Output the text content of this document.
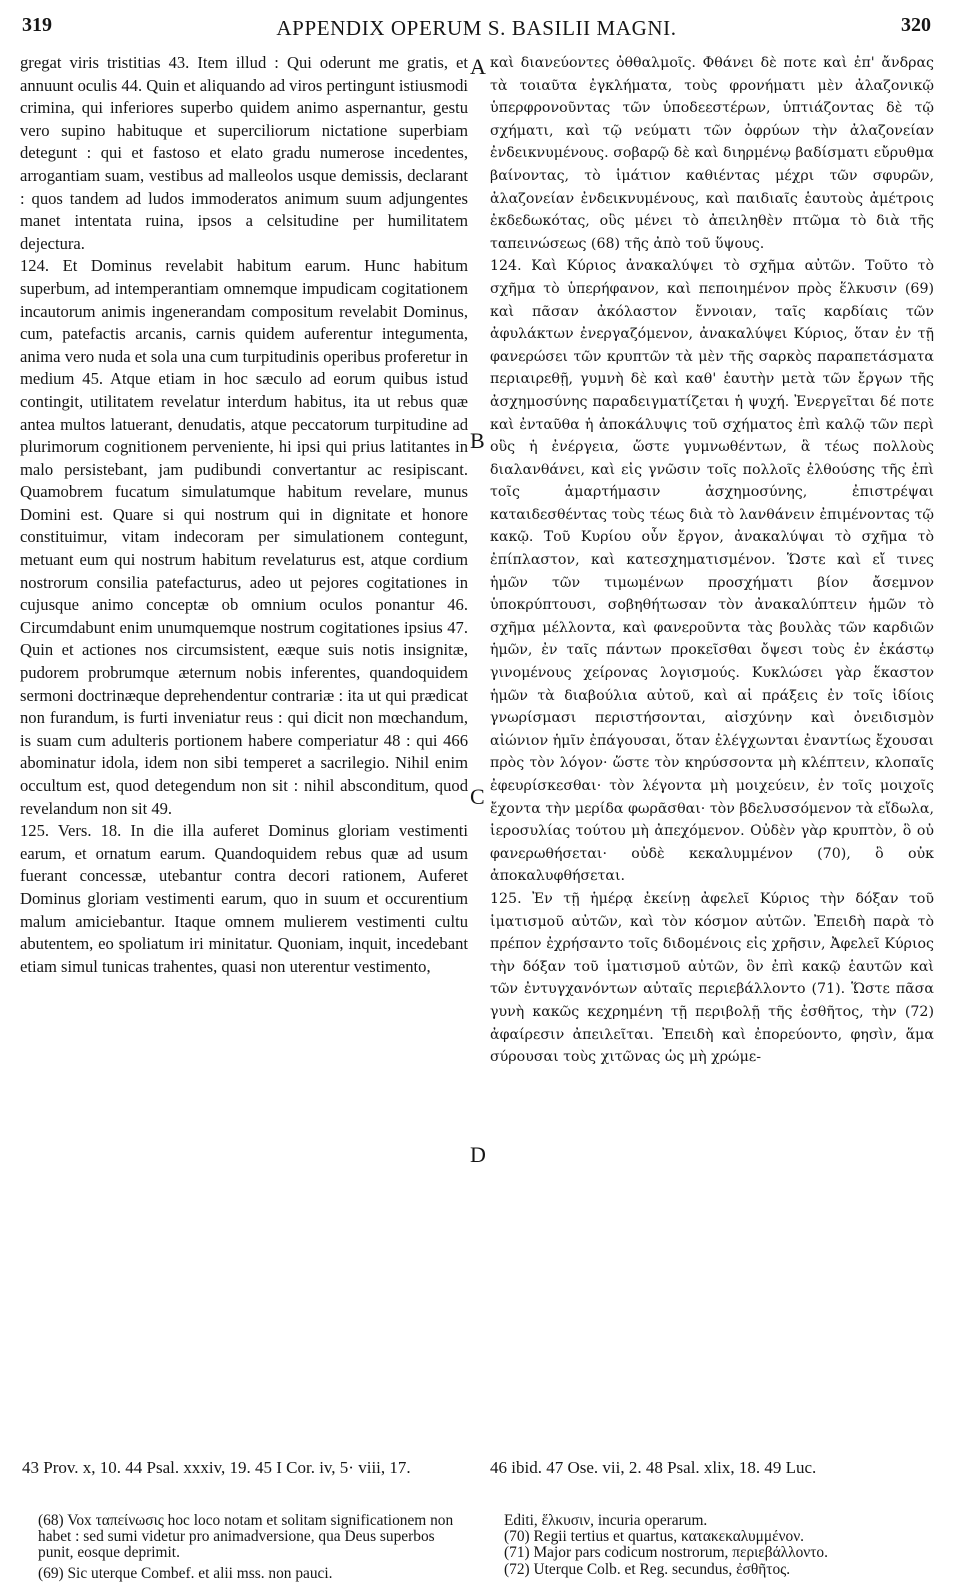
319	APPENDIX OPERUM S. BASILII MAGNI.	320

gregat viris tristitias 43. Item illud : Qui oderunt me gratis, et annuunt oculis 44. Quin et aliquando ad viros pertingunt istiusmodi crimina, qui inferiores superbo quidem animo aspernantur, gestu vero supino habituque et superciliorum nictatione superbiam detegunt : qui et fastoso et elato gradu numerose incedentes, arrogantiam suam, vestibus ad malleolos usque demissis, declarant : quos tandem ad ludos immoderatos animum suum adjungentes manet intentata ruina, ipsos a celsitudine per humilitatem dejectura.

124. Et Dominus revelabit habitum earum. Hunc habitum superbum, ad intemperantiam omnemque impudicam cogitationem incautorum animis ingenerandam compositum revelabit Dominus, cum, patefactis arcanis, carnis quidem auferentur integumenta, anima vero nuda et sola una cum turpitudinis operibus proferetur in medium 45. Atque etiam in hoc sæculo ad eorum quibus istud contingit, utilitatem revelatur interdum habitus, ita ut rebus quæ antea multos latuerant, denudatis, atque peccatorum turpitudine ad plurimorum cognitionem perveniente, hi ipsi qui prius latitantes in malo persistebant, jam pudibundi convertantur ac resipiscant. Quamobrem fucatum simulatumque habitum revelare, munus Domini est. Quare si qui nostrum qui in dignitate et honore constituimur, vitam indecoram per simulationem contegunt, metuant eum qui nostrum habitum revelaturus est, atque cordium nostrorum consilia patefacturus, adeo ut pejores cogitationes in cujusque animo conceptæ ob omnium oculos ponantur 46. Circumdabunt enim unumquemque nostrum cogitationes ipsius 47. Quin et actiones nos circumsistent, eæque suis notis insignitæ, pudorem probrumque æternum nobis inferentes, quandoquidem sermoni doctrinæque deprehendentur contrariæ : ita ut qui prædicat non furandum, is furti inveniatur reus : qui dicit non mœchandum, is suam cum adulteris portionem habere comperiatur 48 : qui 466 abominatur idola, idem non sibi temperet a sacrilegio. Nihil enim occultum est, quod detegendum non sit : nihil absconditum, quod revelandum non sit 49.

125. Vers. 18. In die illa auferet Dominus gloriam vestimenti earum, et ornatum earum. Quandoquidem rebus quæ ad usum fuerant concessæ, utebantur contra decori rationem, Auferet Dominus gloriam vestimenti earum, quo in suum et occurentium malum amiciebantur. Itaque omnem mulierem vestimenti cultu abutentem, eo spoliatum iri minitatur. Quoniam, inquit, incedebant etiam simul tunicas trahentes, quasi non uterentur vestimento,

A
B
C
D

καὶ διανεύοντες ὀθθαλμοῖς. Φθάνει δὲ ποτε καὶ ἐπ' ἄνδρας τὰ τοιαῦτα ἐγκλήματα, τοὺς φρονήματι μὲν ἀλαζονικῷ ὑπερφρονοῦντας τῶν ὑποδεεστέρων, ὑπτιάζοντας δὲ τῷ σχήματι, καὶ τῷ νεύματι τῶν ὀφρύων τὴν ἀλαζονείαν ἐνδεικνυμένους. σοβαρῷ δὲ καὶ διηρμένῳ βαδίσματι εὔρυθμα βαίνοντας, τὸ ἱμάτιον καθιέντας μέχρι τῶν σφυρῶν, ἀλαζονείαν ἐνδεικνυμένους, καὶ παιδιαῖς ἑαυτοὺς ἀμέτροις ἐκδεδωκότας, οὓς μένει τὸ ἀπειληθὲν πτῶμα τὸ διὰ τῆς ταπεινώσεως (68) τῆς ἀπὸ τοῦ ὕψους.

124. Καὶ Κύριος ἀνακαλύψει τὸ σχῆμα αὐτῶν. Τοῦτο τὸ σχῆμα τὸ ὑπερήφανον, καὶ πεποιημένον πρὸς ἕλκυσιν (69) καὶ πᾶσαν ἀκόλαστον ἔννοιαν, ταῖς καρδίαις τῶν ἀφυλάκτων ἐνεργαζόμενον, ἀνακαλύψει Κύριος, ὅταν ἐν τῇ φανερώσει τῶν κρυπτῶν τὰ μὲν τῆς σαρκὸς παραπετάσματα περιαιρεθῇ, γυμνὴ δὲ καὶ καθ' ἑαυτὴν μετὰ τῶν ἔργων τῆς ἀσχημοσύνης παραδειγματίζεται ἡ ψυχή. Ἐνεργεῖται δέ ποτε καὶ ἐνταῦθα ἡ ἀποκάλυψις τοῦ σχήματος ἐπὶ καλῷ τῶν περὶ οὓς ἡ ἐνέργεια, ὥστε γυμνωθέντων, ἃ τέως πολλοὺς διαλανθάνει, καὶ εἰς γνῶσιν τοῖς πολλοῖς ἐλθούσης τῆς ἐπὶ τοῖς ἁμαρτήμασιν ἀσχημοσύνης, ἐπιστρέψαι καταιδεσθέντας τοὺς τέως διὰ τὸ λανθάνειν ἐπιμένοντας τῷ κακῷ. Τοῦ Κυρίου οὖν ἔργον, ἀνακαλύψαι τὸ σχῆμα τὸ ἐπίπλαστον, καὶ κατεσχηματισμένον. Ὥστε καὶ εἴ τινες ἡμῶν τῶν τιμωμένων προσχήματι βίον ἄσεμνον ὑποκρύπτουσι, σοβηθήτωσαν τὸν ἀνακαλύπτειν ἡμῶν τὸ σχῆμα μέλλοντα, καὶ φανεροῦντα τὰς βουλὰς τῶν καρδιῶν ἡμῶν, ἐν ταῖς πάντων προκεῖσθαι ὄψεσι τοὺς ἐν ἑκάστῳ γινομένους χείρονας λογισμούς. Κυκλώσει γὰρ ἕκαστον ἡμῶν τὰ διαβούλια αὐτοῦ, καὶ αἱ πράξεις ἐν τοῖς ἰδίοις γνωρίσμασι περιστήσονται, αἰσχύνην καὶ ὀνειδισμὸν αἰώνιον ἡμῖν ἐπάγουσαι, ὅταν ἐλέγχωνται ἐναντίως ἔχουσαι πρὸς τὸν λόγον· ὥστε τὸν κηρύσσοντα μὴ κλέπτειν, κλοπαῖς ἐφευρίσκεσθαι· τὸν λέγοντα μὴ μοιχεύειν, ἐν τοῖς μοιχοῖς ἔχοντα τὴν μερίδα φωρᾶσθαι· τὸν βδελυσσόμενον τὰ εἴδωλα, ἱεροσυλίας τούτου μὴ ἀπεχόμενον. Οὐδὲν γὰρ κρυπτὸν, ὃ οὐ φανερωθήσεται· οὐδὲ κεκαλυμμένον (70), ὃ οὐκ ἀποκαλυφθήσεται.

125. Ἐν τῇ ἡμέρᾳ ἐκείνῃ ἀφελεῖ Κύριος τὴν δόξαν τοῦ ἱματισμοῦ αὐτῶν, καὶ τὸν κόσμον αὐτῶν. Ἐπειδὴ παρὰ τὸ πρέπον ἐχρήσαντο τοῖς διδομένοις εἰς χρῆσιν, Ἀφελεῖ Κύριος τὴν δόξαν τοῦ ἱματισμοῦ αὐτῶν, ὃν ἐπὶ κακῷ ἑαυτῶν καὶ τῶν ἐντυγχανόντων αὐταῖς περιεβάλλοντο (71). Ὥστε πᾶσα γυνὴ κακῶς κεχρημένη τῇ περιβολῇ τῆς ἐσθῆτος, τὴν (72) ἀφαίρεσιν ἀπειλεῖται. Ἐπειδὴ καὶ ἐπορεύοντο, φησὶν, ἅμα σύρουσαι τοὺς χιτῶνας ὡς μὴ χρώμε-

43 Prov. x, 10. 44 Psal. xxxiv, 19. 45 I Cor. iv, 5· viii, 17.	46 ibid. 47 Ose. vii, 2. 48 Psal. xlix, 18. 49 Luc.

(68) Vox ταπείνωσις hoc loco notam et solitam significationem non habet : sed sumi videtur pro animadversione, qua Deus superbos punit, eosque deprimit.

(69) Sic uterque Combef. et alii mss. non pauci.

Editi, ἕλκυσιν, incuria operarum.

(70) Regii tertius et quartus, κατακεκαλυμμένον.

(71) Major pars codicum nostrorum, περιεβάλλοντο.

(72) Uterque Colb. et Reg. secundus, ἐσθῆτος.
